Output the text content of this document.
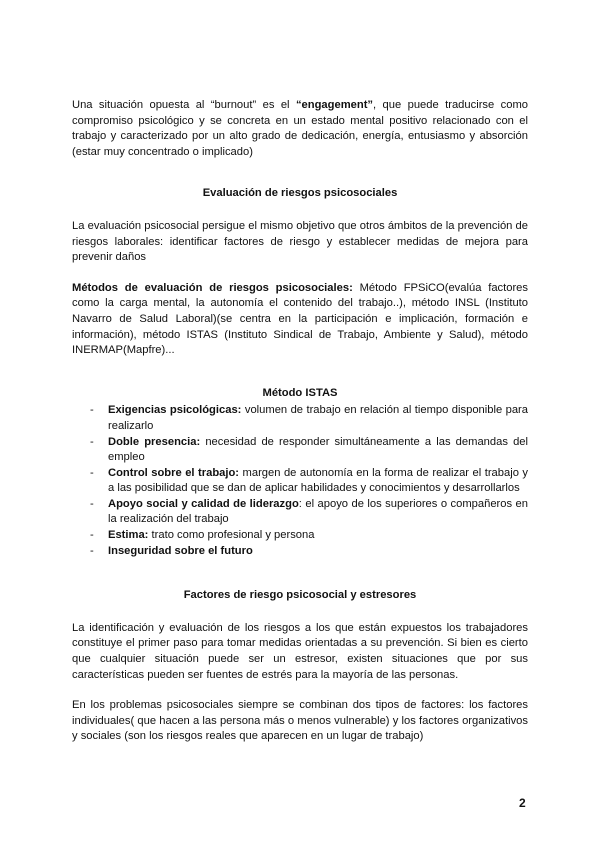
Una situación opuesta al “burnout” es el “engagement”, que puede traducirse como compromiso psicológico y se concreta en un estado mental positivo relacionado con el trabajo y caracterizado por un alto grado de dedicación, energía, entusiasmo y absorción (estar muy concentrado o implicado)

Evaluación de riesgos psicosociales

La evaluación psicosocial persigue el mismo objetivo que otros ámbitos de la prevención de riesgos laborales: identificar factores de riesgo y establecer medidas de mejora para prevenir daños

Métodos de evaluación de riesgos psicosociales: Método FPSiCO(evalúa factores como la carga mental, la autonomía el contenido del trabajo..), método INSL (Instituto Navarro de Salud Laboral)(se centra en la participación e implicación, formación e información), método ISTAS (Instituto Sindical de Trabajo, Ambiente y Salud), método INERMAP(Mapfre)...

Método ISTAS

- Exigencias psicológicas: volumen de trabajo en relación al tiempo disponible para realizarlo
- Doble presencia: necesidad de responder simultáneamente a las demandas del empleo
- Control sobre el trabajo: margen de autonomía en la forma de realizar el trabajo y a las posibilidad que se dan de aplicar habilidades y conocimientos y desarrollarlos
- Apoyo social y calidad de liderazgo: el apoyo de los superiores o compañeros en la realización del trabajo
- Estima: trato como profesional y persona
- Inseguridad sobre el futuro

Factores de riesgo psicosocial y estresores

La identificación y evaluación de los riesgos a los que están expuestos los trabajadores constituye el primer paso para tomar medidas orientadas a su prevención. Si bien es cierto que cualquier situación puede ser un estresor, existen situaciones que por sus características pueden ser fuentes de estrés para la mayoría de las personas.

En los problemas psicosociales siempre se combinan dos tipos de factores: los factores individuales( que hacen a las persona más o menos vulnerable) y los factores organizativos y sociales (son los riesgos reales que aparecen en un lugar de trabajo)

2
